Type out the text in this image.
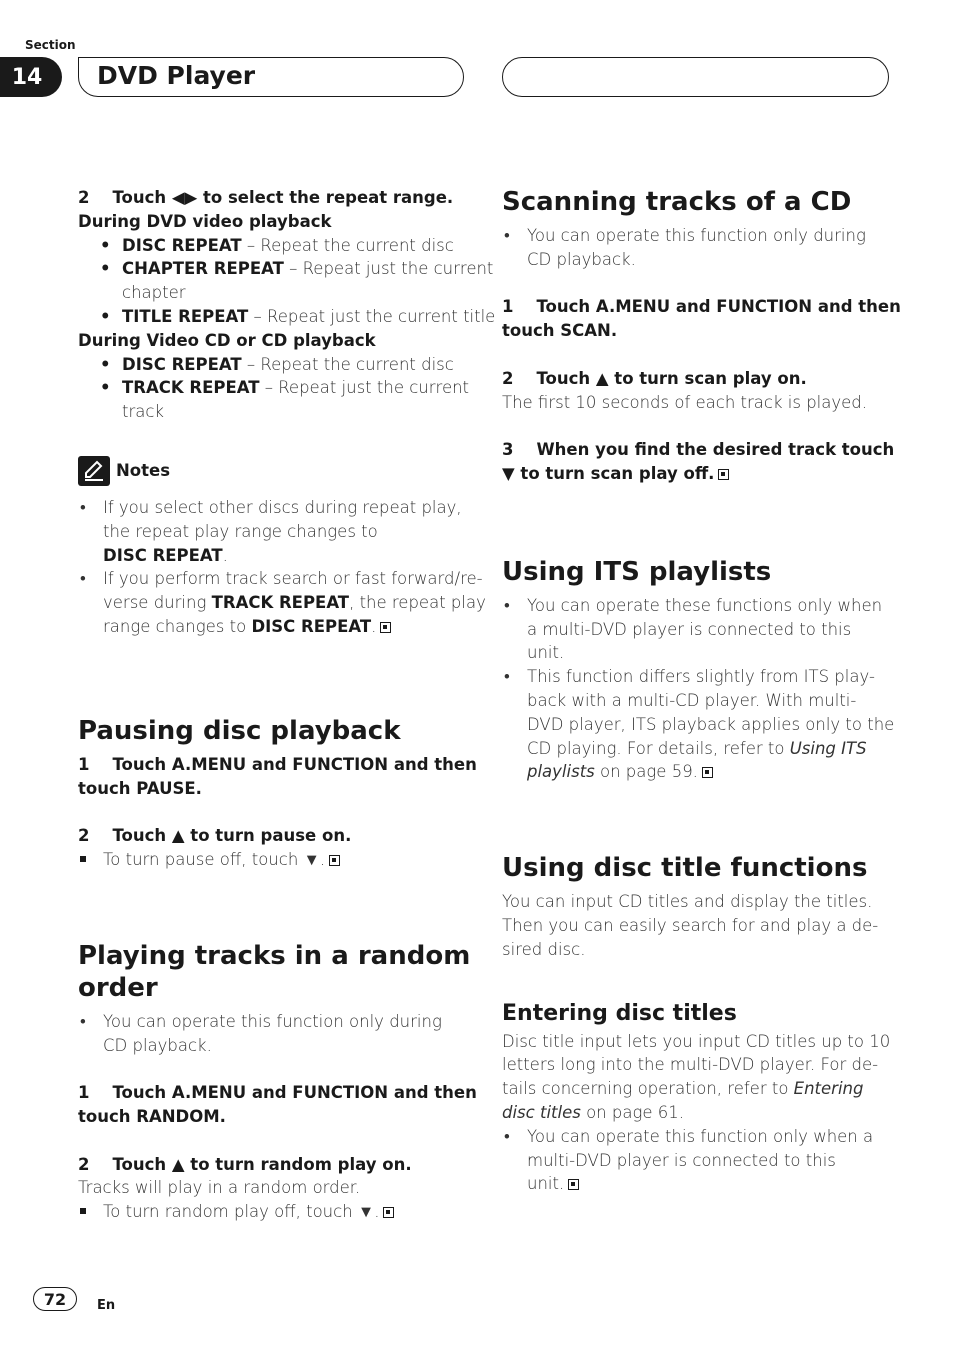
Section
14	DVD Player
2    Touch ◀▶ to select the repeat range.
During DVD video playback
• DISC REPEAT – Repeat the current disc
• CHAPTER REPEAT – Repeat just the current
chapter
• TITLE REPEAT – Repeat just the current title
During Video CD or CD playback
• DISC REPEAT – Repeat the current disc
• TRACK REPEAT – Repeat just the current
track
Notes
• If you select other discs during repeat play,
the repeat play range changes to
DISC REPEAT.
• If you perform track search or fast forward/re-
verse during TRACK REPEAT, the repeat play
range changes to DISC REPEAT.
Pausing disc playback
1    Touch A.MENU and FUNCTION and then
touch PAUSE.
2    Touch ▲ to turn pause on.
To turn pause off, touch ▼.
Playing tracks in a random
order
• You can operate this function only during
CD playback.
1    Touch A.MENU and FUNCTION and then
touch RANDOM.
2    Touch ▲ to turn random play on.
Tracks will play in a random order.
To turn random play off, touch ▼.
Scanning tracks of a CD
• You can operate this function only during
CD playback.
1    Touch A.MENU and FUNCTION and then
touch SCAN.
2    Touch ▲ to turn scan play on.
The first 10 seconds of each track is played.
3    When you find the desired track touch
▼ to turn scan play off.
Using ITS playlists
• You can operate these functions only when
a multi-DVD player is connected to this
unit.
• This function differs slightly from ITS play-
back with a multi-CD player. With multi-
DVD player, ITS playback applies only to the
CD playing. For details, refer to Using ITS
playlists on page 59.
Using disc title functions
You can input CD titles and display the titles.
Then you can easily search for and play a de-
sired disc.
Entering disc titles
Disc title input lets you input CD titles up to 10
letters long into the multi-DVD player. For de-
tails concerning operation, refer to Entering
disc titles on page 61.
• You can operate this function only when a
multi-DVD player is connected to this
unit.
72	En
